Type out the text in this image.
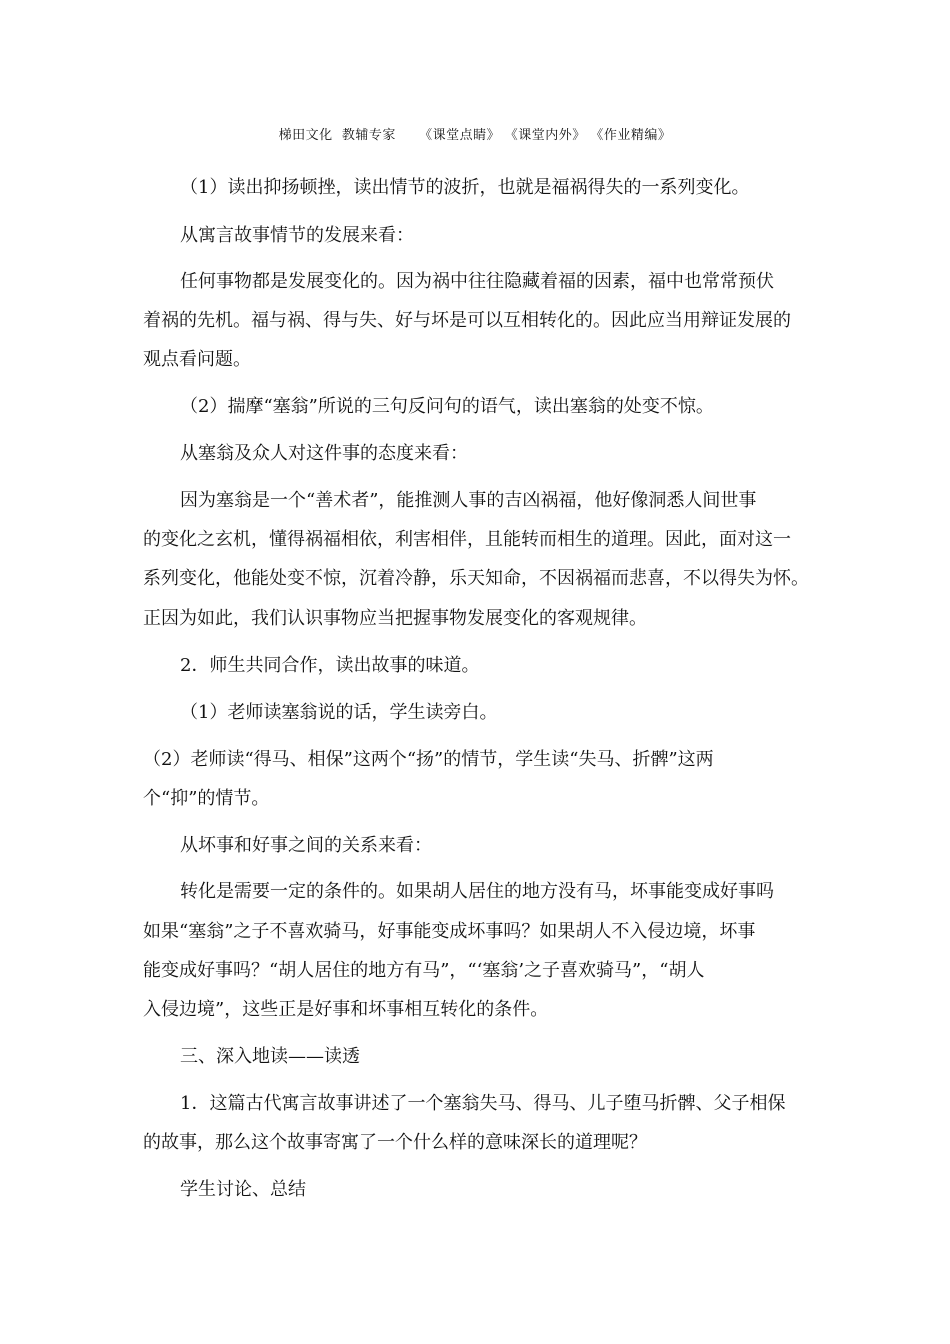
梯田文化  教辅专家     《课堂点睛》 《课堂内外》 《作业精编》
（1）读出抑扬顿挫，读出情节的波折，也就是福祸得失的一系列变化。
从寓言故事情节的发展来看：
任何事物都是发展变化的。因为祸中往往隐藏着福的因素，福中也常常预伏
着祸的先机。福与祸、得与失、好与坏是可以互相转化的。因此应当用辩证发展的
观点看问题。
（2）揣摩“塞翁”所说的三句反问句的语气，读出塞翁的处变不惊。
从塞翁及众人对这件事的态度来看：
因为塞翁是一个“善术者”，能推测人事的吉凶祸福，他好像洞悉人间世事
的变化之玄机，懂得祸福相依，利害相伴，且能转而相生的道理。因此，面对这一
系列变化，他能处变不惊，沉着冷静，乐天知命，不因祸福而悲喜，不以得失为怀。
正因为如此，我们认识事物应当把握事物发展变化的客观规律。
2．师生共同合作，读出故事的味道。
（1）老师读塞翁说的话，学生读旁白。
（2）老师读“得马、相保”这两个“扬”的情节，学生读“失马、折髀”这两
个“抑”的情节。
从坏事和好事之间的关系来看：
转化是需要一定的条件的。如果胡人居住的地方没有马，坏事能变成好事吗
如果“塞翁”之子不喜欢骑马，好事能变成坏事吗？如果胡人不入侵边境，坏事
能变成好事吗？“胡人居住的地方有马”，“‘塞翁’之子喜欢骑马”，“胡人
入侵边境”，这些正是好事和坏事相互转化的条件。
三、深入地读——读透
1．这篇古代寓言故事讲述了一个塞翁失马、得马、儿子堕马折髀、父子相保
的故事，那么这个故事寄寓了一个什么样的意味深长的道理呢？
学生讨论、总结
